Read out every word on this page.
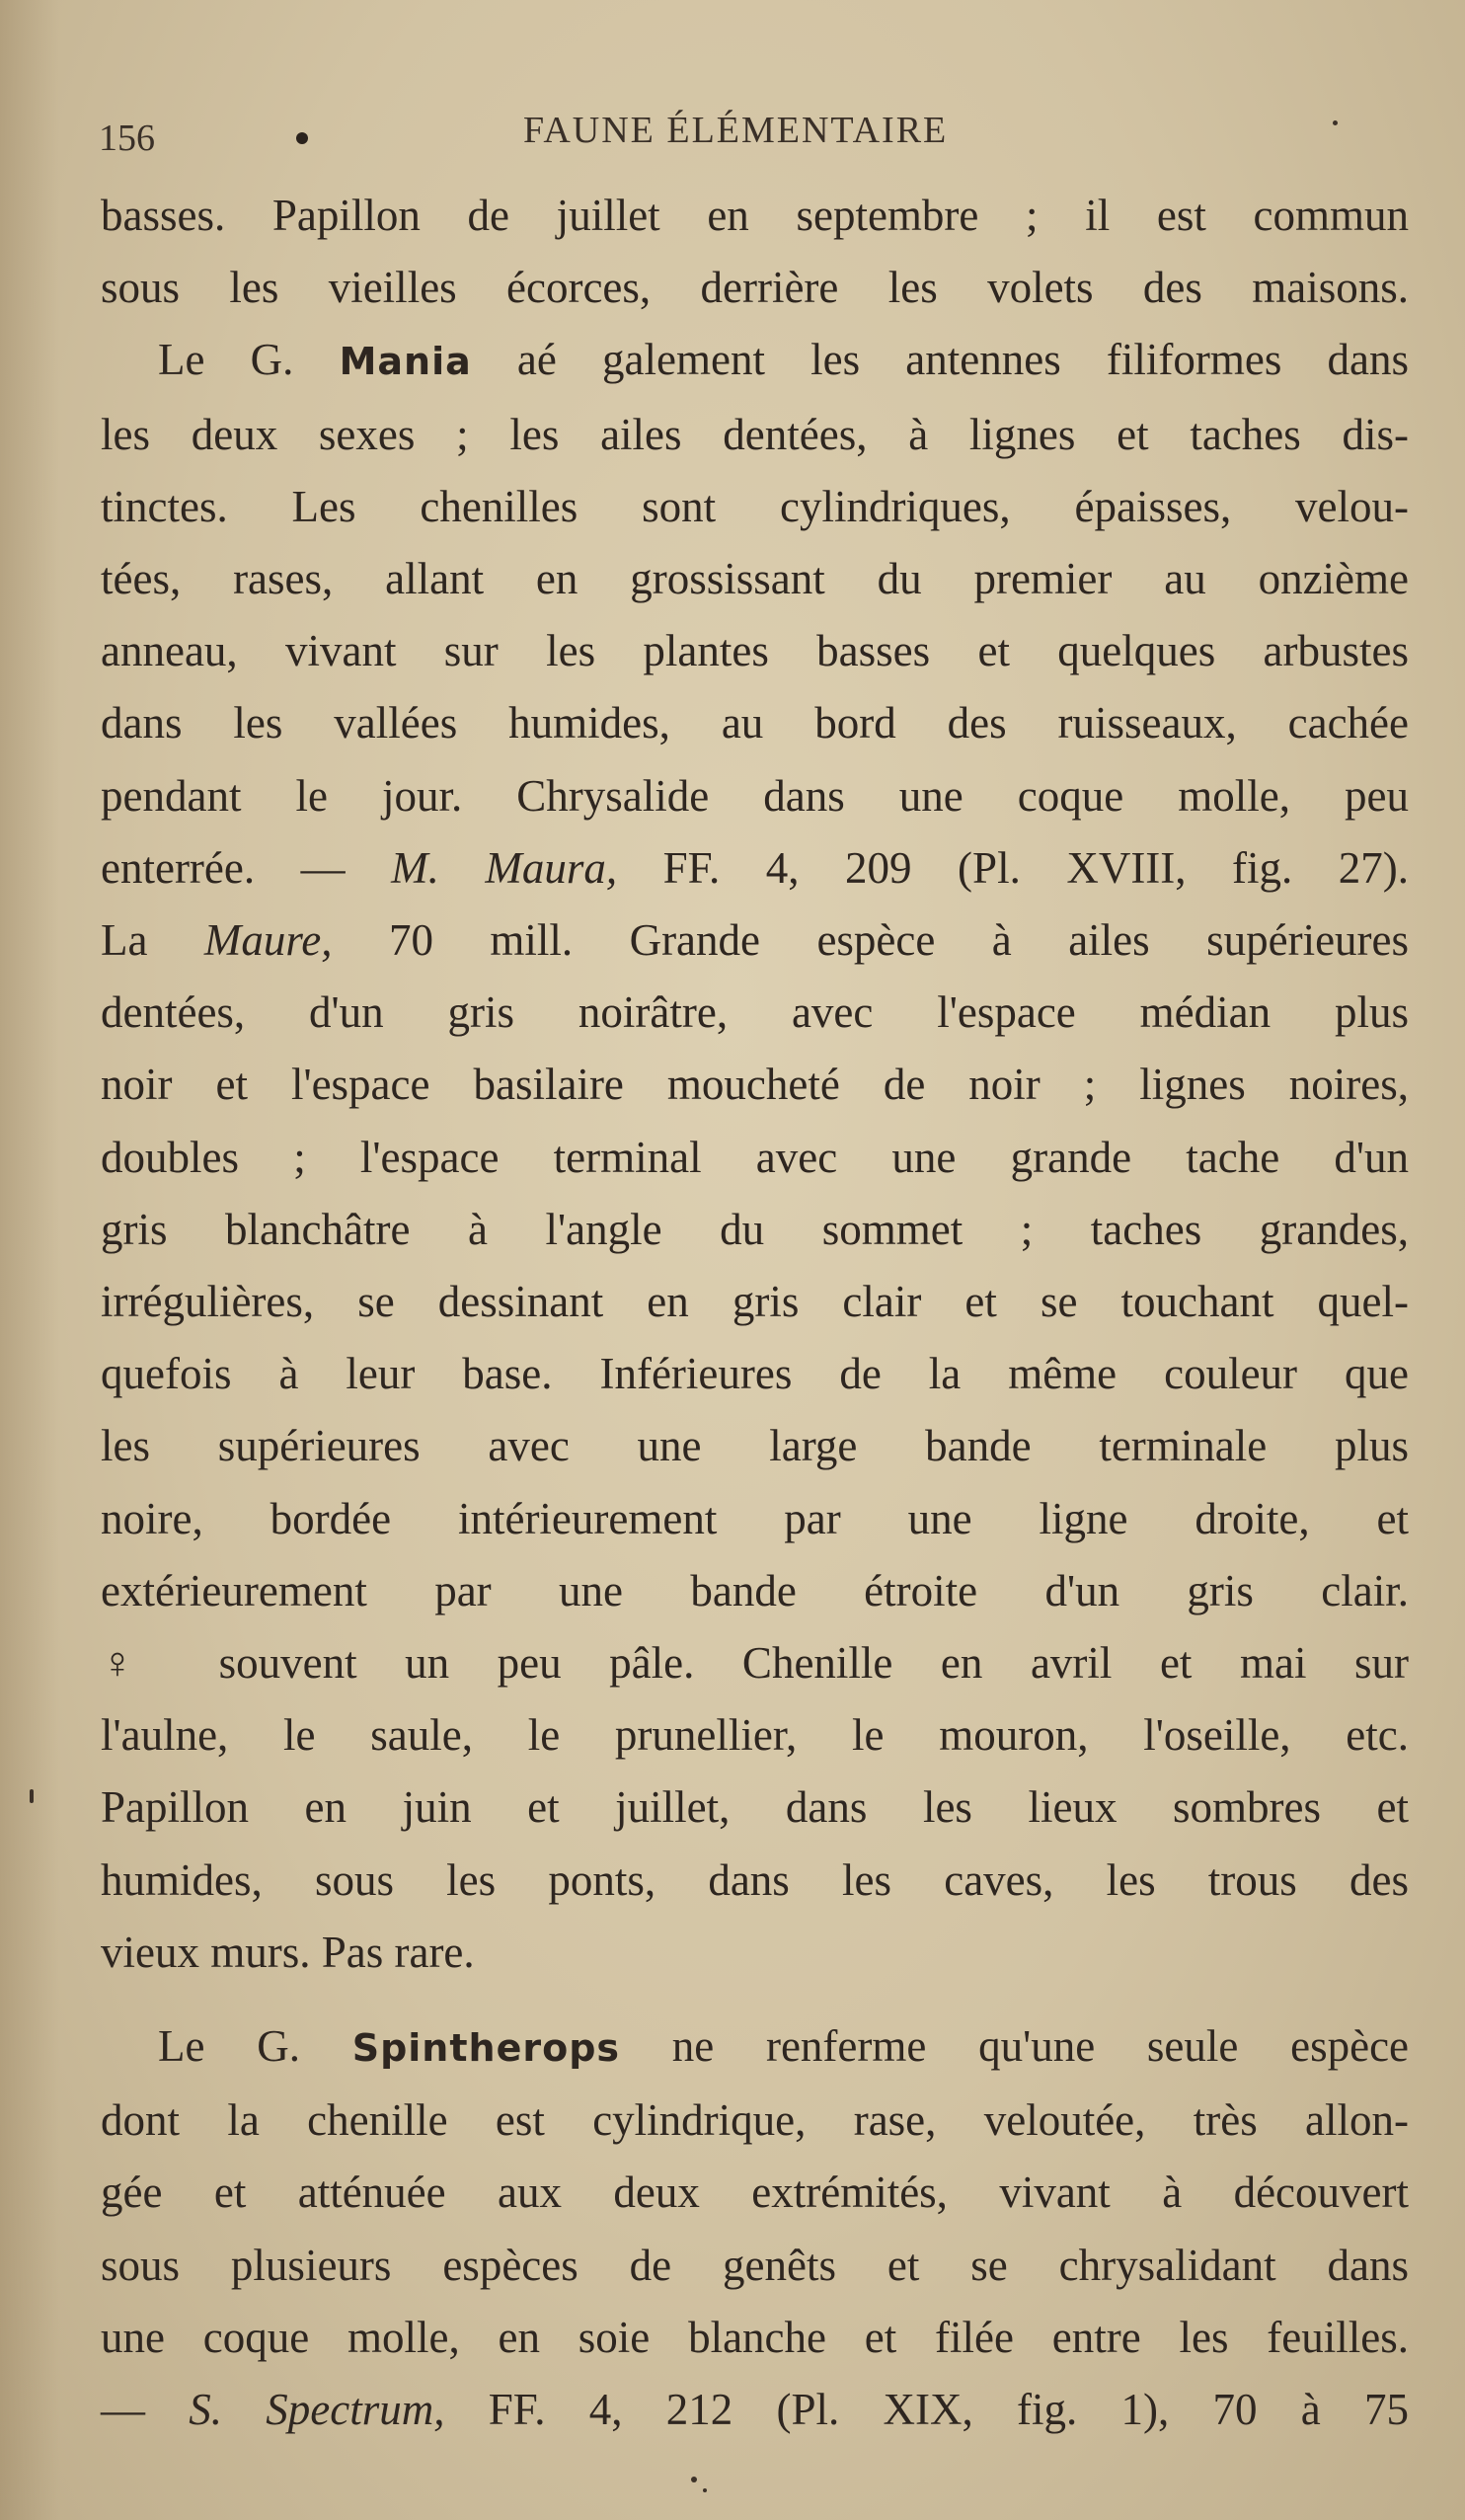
156	FAUNE ÉLÉMENTAIRE
basses. Papillon de juillet en septembre ; il est commun
sous les vieilles écorces, derrière les volets des maisons.
Le G. Mania aé galement les antennes filiformes dans
les deux sexes ; les ailes dentées, à lignes et taches dis-
tinctes. Les chenilles sont cylindriques, épaisses, velou-
tées, rases, allant en grossissant du premier au onzième
anneau, vivant sur les plantes basses et quelques arbustes
dans les vallées humides, au bord des ruisseaux, cachée
pendant le jour. Chrysalide dans une coque molle, peu
enterrée. — M. Maura, FF. 4, 209 (Pl. XVIII, fig. 27).
La Maure, 70 mill. Grande espèce à ailes supérieures
dentées, d'un gris noirâtre, avec l'espace médian plus
noir et l'espace basilaire moucheté de noir ; lignes noires,
doubles ; l'espace terminal avec une grande tache d'un
gris blanchâtre à l'angle du sommet ; taches grandes,
irrégulières, se dessinant en gris clair et se touchant quel-
quefois à leur base. Inférieures de la même couleur que
les supérieures avec une large bande terminale plus
noire, bordée intérieurement par une ligne droite, et
extérieurement par une bande étroite d'un gris clair.
♀ souvent un peu pâle. Chenille en avril et mai sur
l'aulne, le saule, le prunellier, le mouron, l'oseille, etc.
Papillon en juin et juillet, dans les lieux sombres et
humides, sous les ponts, dans les caves, les trous des
vieux murs. Pas rare.
Le G. Spintherops ne renferme qu'une seule espèce
dont la chenille est cylindrique, rase, veloutée, très allon-
gée et atténuée aux deux extrémités, vivant à découvert
sous plusieurs espèces de genêts et se chrysalidant dans
une coque molle, en soie blanche et filée entre les feuilles.
— S. Spectrum, FF. 4, 212 (Pl. XIX, fig. 1), 70 à 75
